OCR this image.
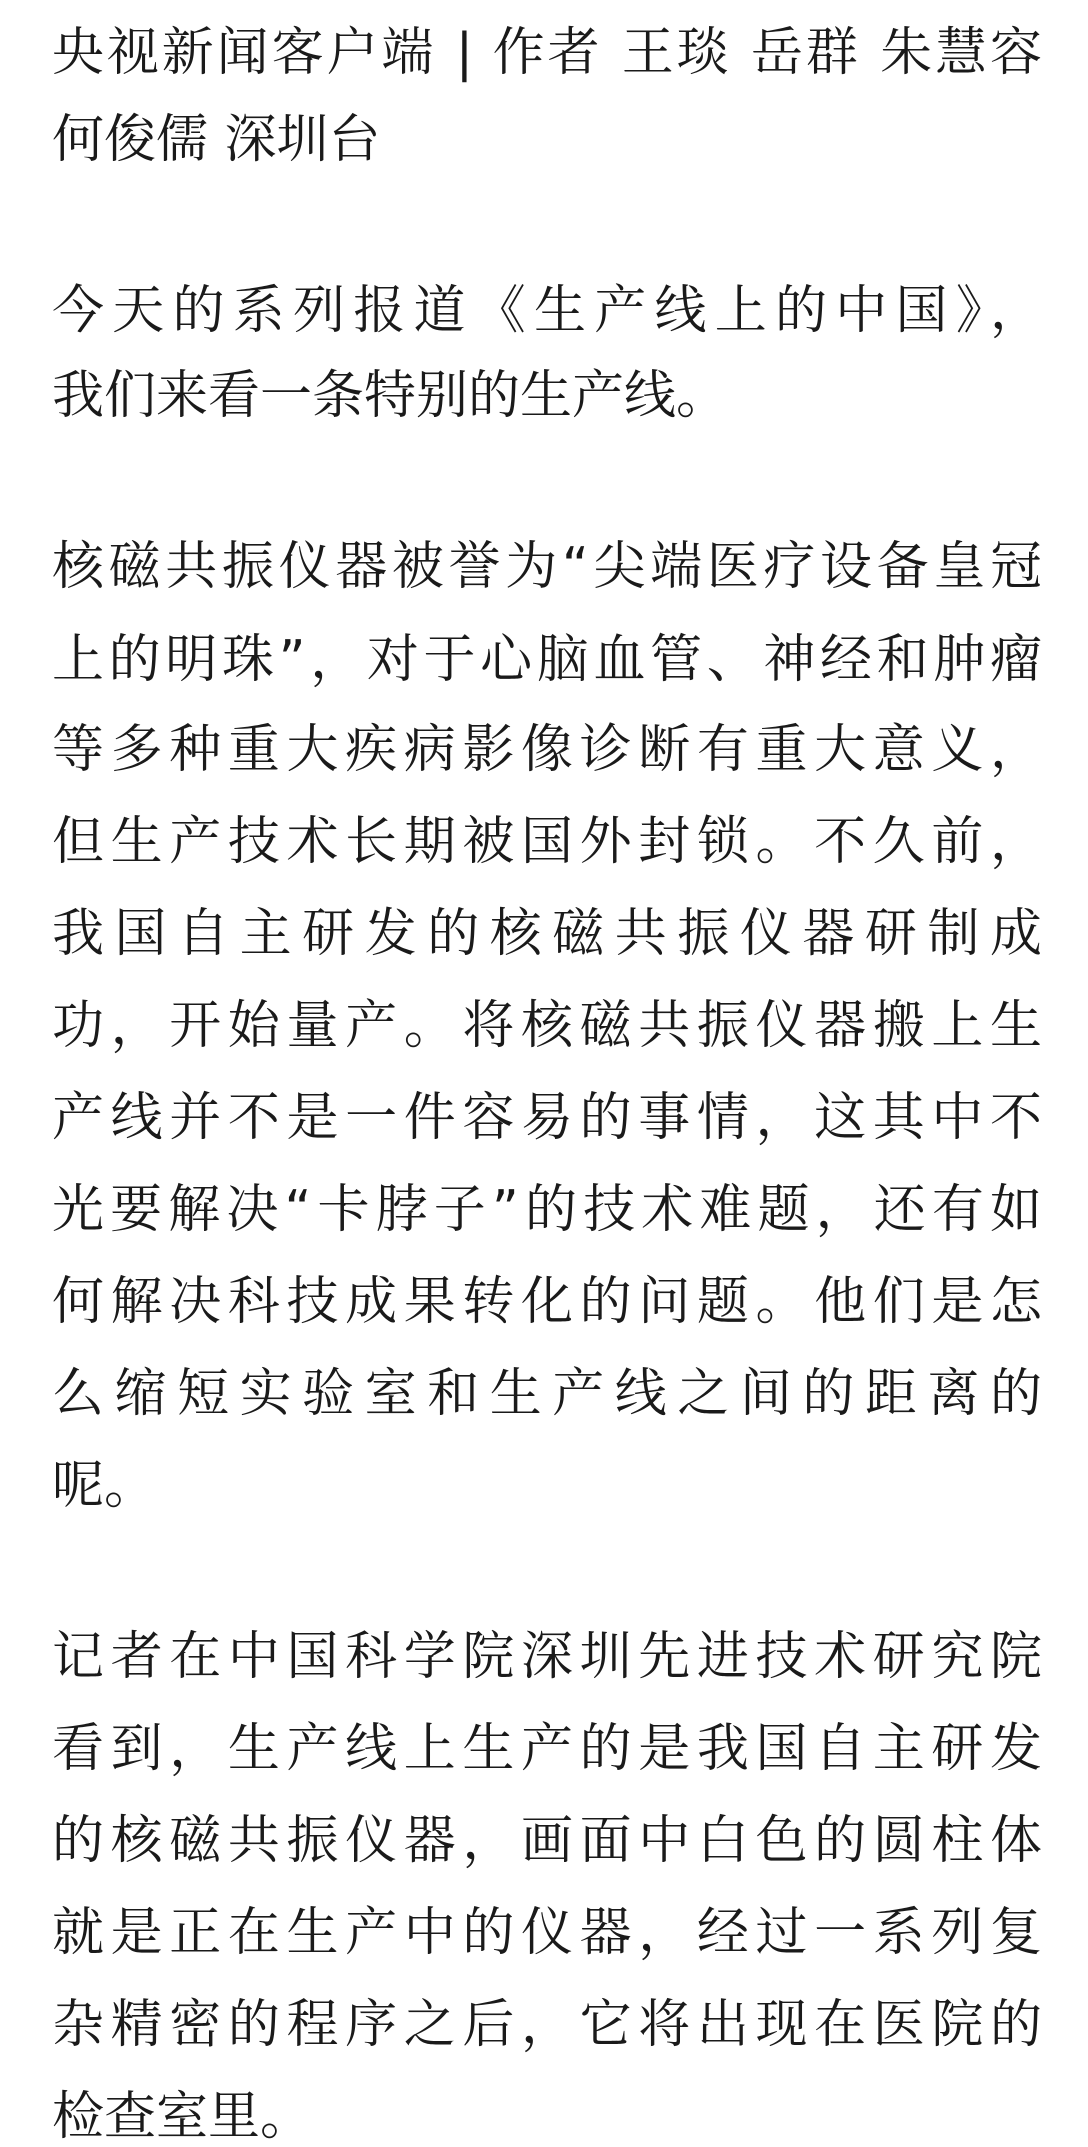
央视新闻客户端 | 作者 王琰 岳群 朱慧容
何俊儒 深圳台
今天的系列报道《生产线上的中国》，
我们来看一条特别的生产线。
核磁共振仪器被誉为“尖端医疗设备皇冠
上的明珠”，对于心脑血管、神经和肿瘤
等多种重大疾病影像诊断有重大意义，
但生产技术长期被国外封锁。不久前，
我国自主研发的核磁共振仪器研制成
功，开始量产。将核磁共振仪器搬上生
产线并不是一件容易的事情，这其中不
光要解决“卡脖子”的技术难题，还有如
何解决科技成果转化的问题。他们是怎
么缩短实验室和生产线之间的距离的
呢。
记者在中国科学院深圳先进技术研究院
看到，生产线上生产的是我国自主研发
的核磁共振仪器，画面中白色的圆柱体
就是正在生产中的仪器，经过一系列复
杂精密的程序之后，它将出现在医院的
检查室里。
